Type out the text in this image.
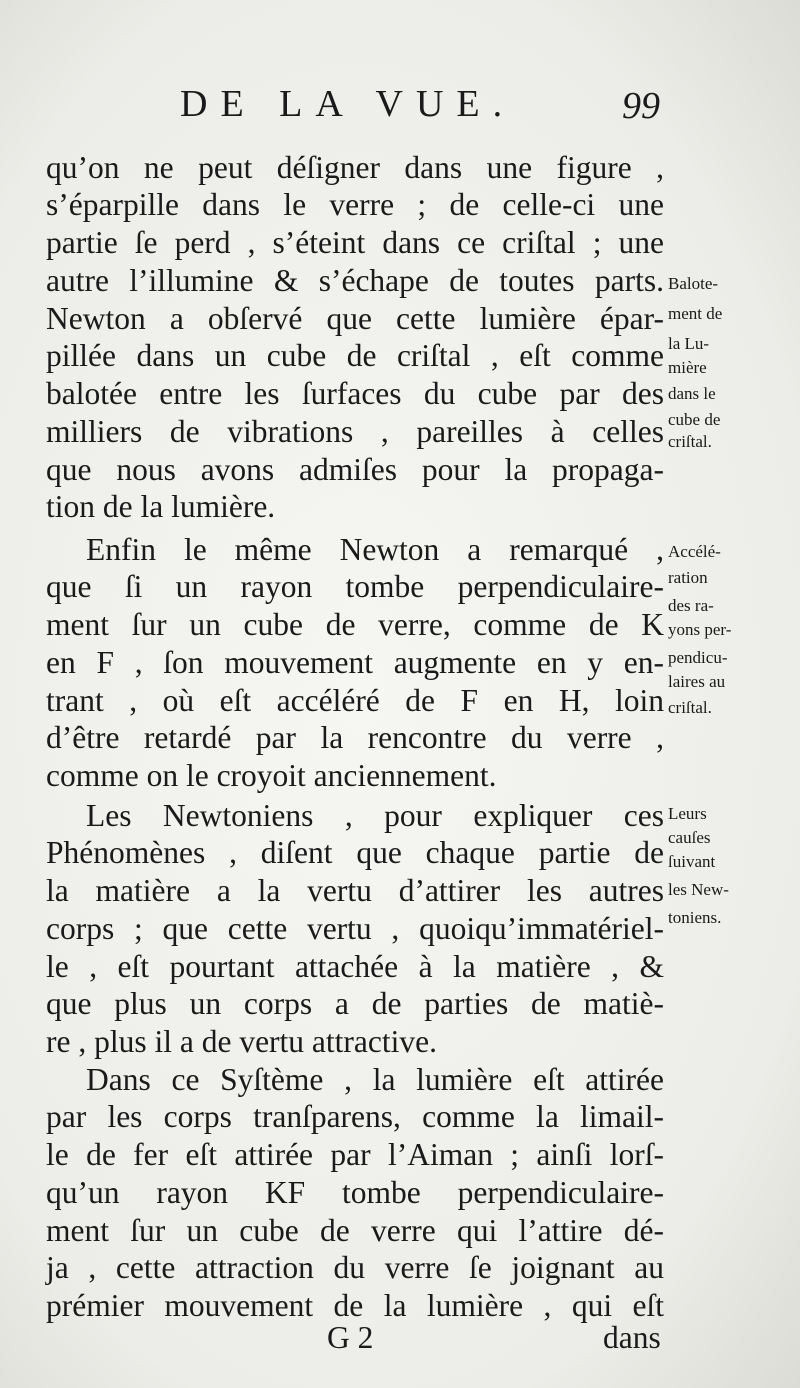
DE LA VUE.	99
qu’on ne peut déſigner dans une figure ,
s’éparpille dans le verre ; de celle-ci une
partie ſe perd , s’éteint dans ce criſtal ; une
autre l’illumine & s’échape de toutes parts.
Newton a obſervé que cette lumière épar-
pillée dans un cube de criſtal , eſt comme
balotée entre les ſurfaces du cube par des
milliers de vibrations , pareilles à celles
que nous avons admiſes pour la propaga-
tion de la lumière.
Enfin le même Newton a remarqué ,
que ſi un rayon tombe perpendiculaire-
ment ſur un cube de verre, comme de K
en F , ſon mouvement augmente en y en-
trant , où eſt accéléré de F en H, loin
d’être retardé par la rencontre du verre ,
comme on le croyoit anciennement.
Les Newtoniens , pour expliquer ces
Phénomènes , diſent que chaque partie de
la matière a la vertu d’attirer les autres
corps ; que cette vertu , quoiqu’immatériel-
le , eſt pourtant attachée à la matière , &
que plus un corps a de parties de matiè-
re , plus il a de vertu attractive.
Dans ce Syſtème , la lumière eſt attirée
par les corps tranſparens, comme la limail-
le de fer eſt attirée par l’Aiman ; ainſi lorſ-
qu’un rayon KF tombe perpendiculaire-
ment ſur un cube de verre qui l’attire dé-
ja , cette attraction du verre ſe joignant au
prémier mouvement de la lumière , qui eſt
Balote-
ment de
la Lu-
mière
dans le
cube de
criſtal.
Accélé-
ration
des ra-
yons per-
pendicu-
laires au
criſtal.
Leurs
cauſes
ſuivant
les New-
toniens.
G 2	dans
